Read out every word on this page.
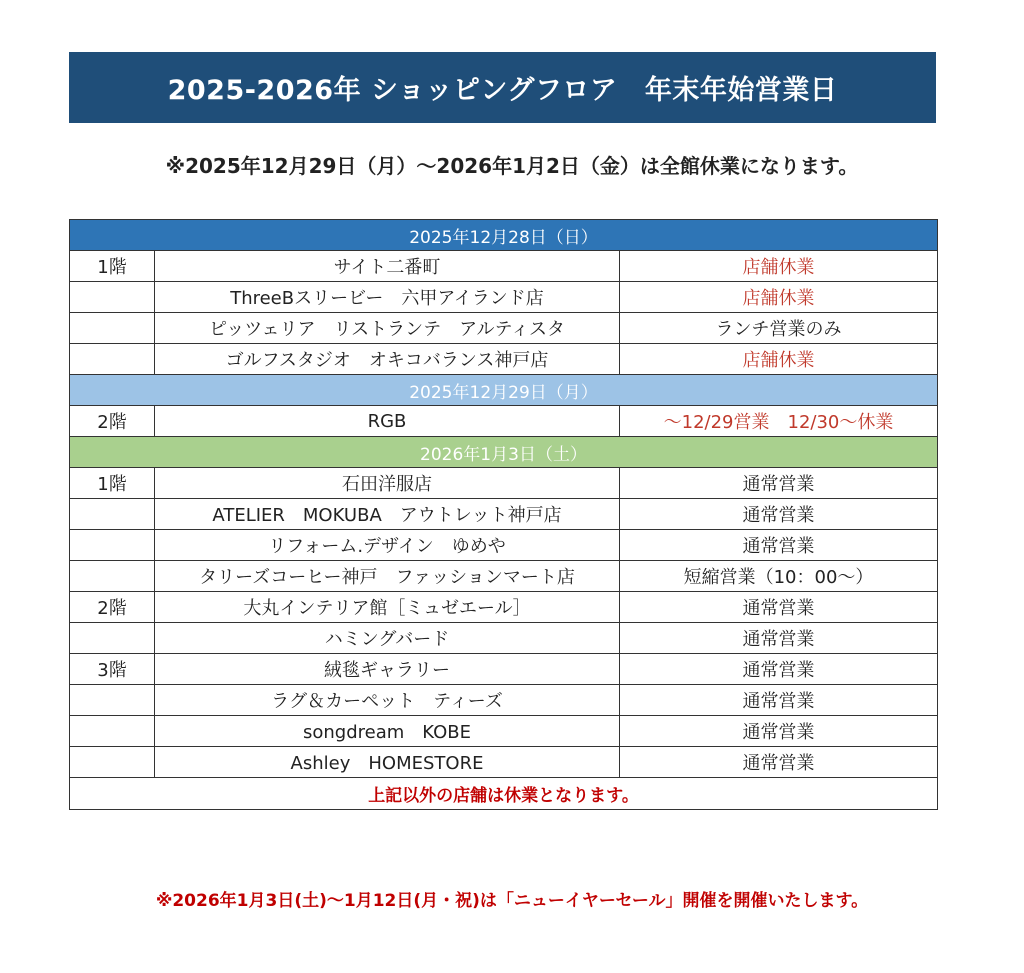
2025-2026年 ショッピングフロア　年末年始営業日
※2025年12月29日（月）～2026年1月2日（金）は全館休業になります。
2025年12月28日（日）		
1階	サイト二番町	店舗休業
	ThreeBスリービー　六甲アイランド店	店舗休業
	ピッツェリア　リストランテ　アルティスタ	ランチ営業のみ
	ゴルフスタジオ　オキコバランス神戸店	店舗休業
2025年12月29日（月）		
2階	RGB	～12/29営業　12/30～休業
2026年1月3日（土）		
1階	石田洋服店	通常営業
	ATELIER　MOKUBA　アウトレット神戸店	通常営業
	リフォーム.デザイン　ゆめや	通常営業
	タリーズコーヒー神戸　ファッションマート店	短縮営業（10：00～）
2階	大丸インテリア館［ミュゼエール］	通常営業
	ハミングバード	通常営業
3階	絨毯ギャラリー	通常営業
	ラグ＆カーペット　ティーズ	通常営業
	songdream　KOBE	通常営業
	Ashley　HOMESTORE	通常営業
上記以外の店舗は休業となります。		
※2026年1月3日(土)～1月12日(月・祝)は「ニューイヤーセール」開催を開催いたします。
